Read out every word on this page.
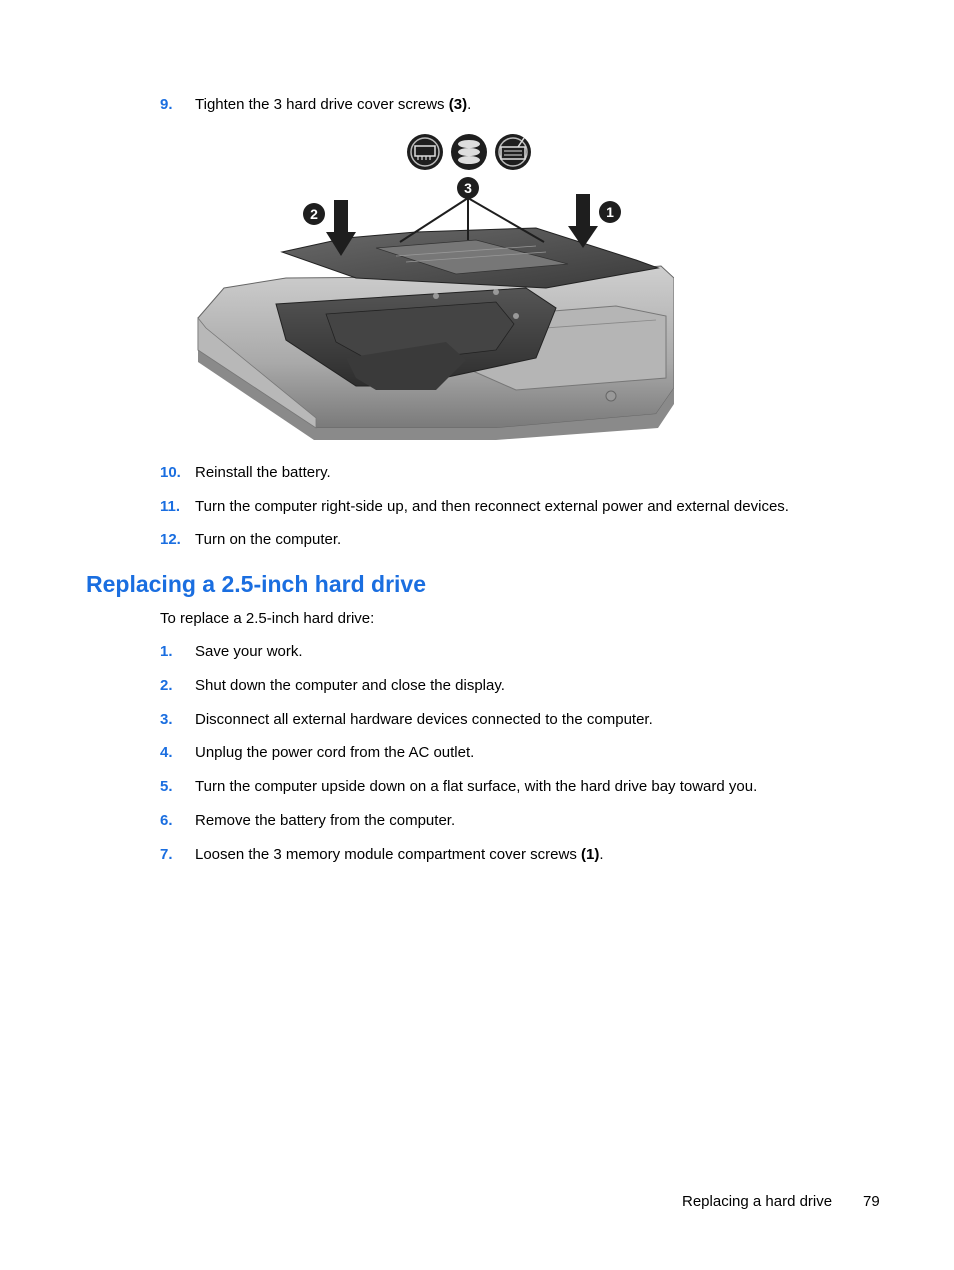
9. Tighten the 3 hard drive cover screws (3).
2
3
1
10. Reinstall the battery.
11. Turn the computer right-side up, and then reconnect external power and external devices.
12. Turn on the computer.
Replacing a 2.5-inch hard drive
To replace a 2.5-inch hard drive:
1. Save your work.
2. Shut down the computer and close the display.
3. Disconnect all external hardware devices connected to the computer.
4. Unplug the power cord from the AC outlet.
5. Turn the computer upside down on a flat surface, with the hard drive bay toward you.
6. Remove the battery from the computer.
7. Loosen the 3 memory module compartment cover screws (1).
Replacing a hard drive 79
